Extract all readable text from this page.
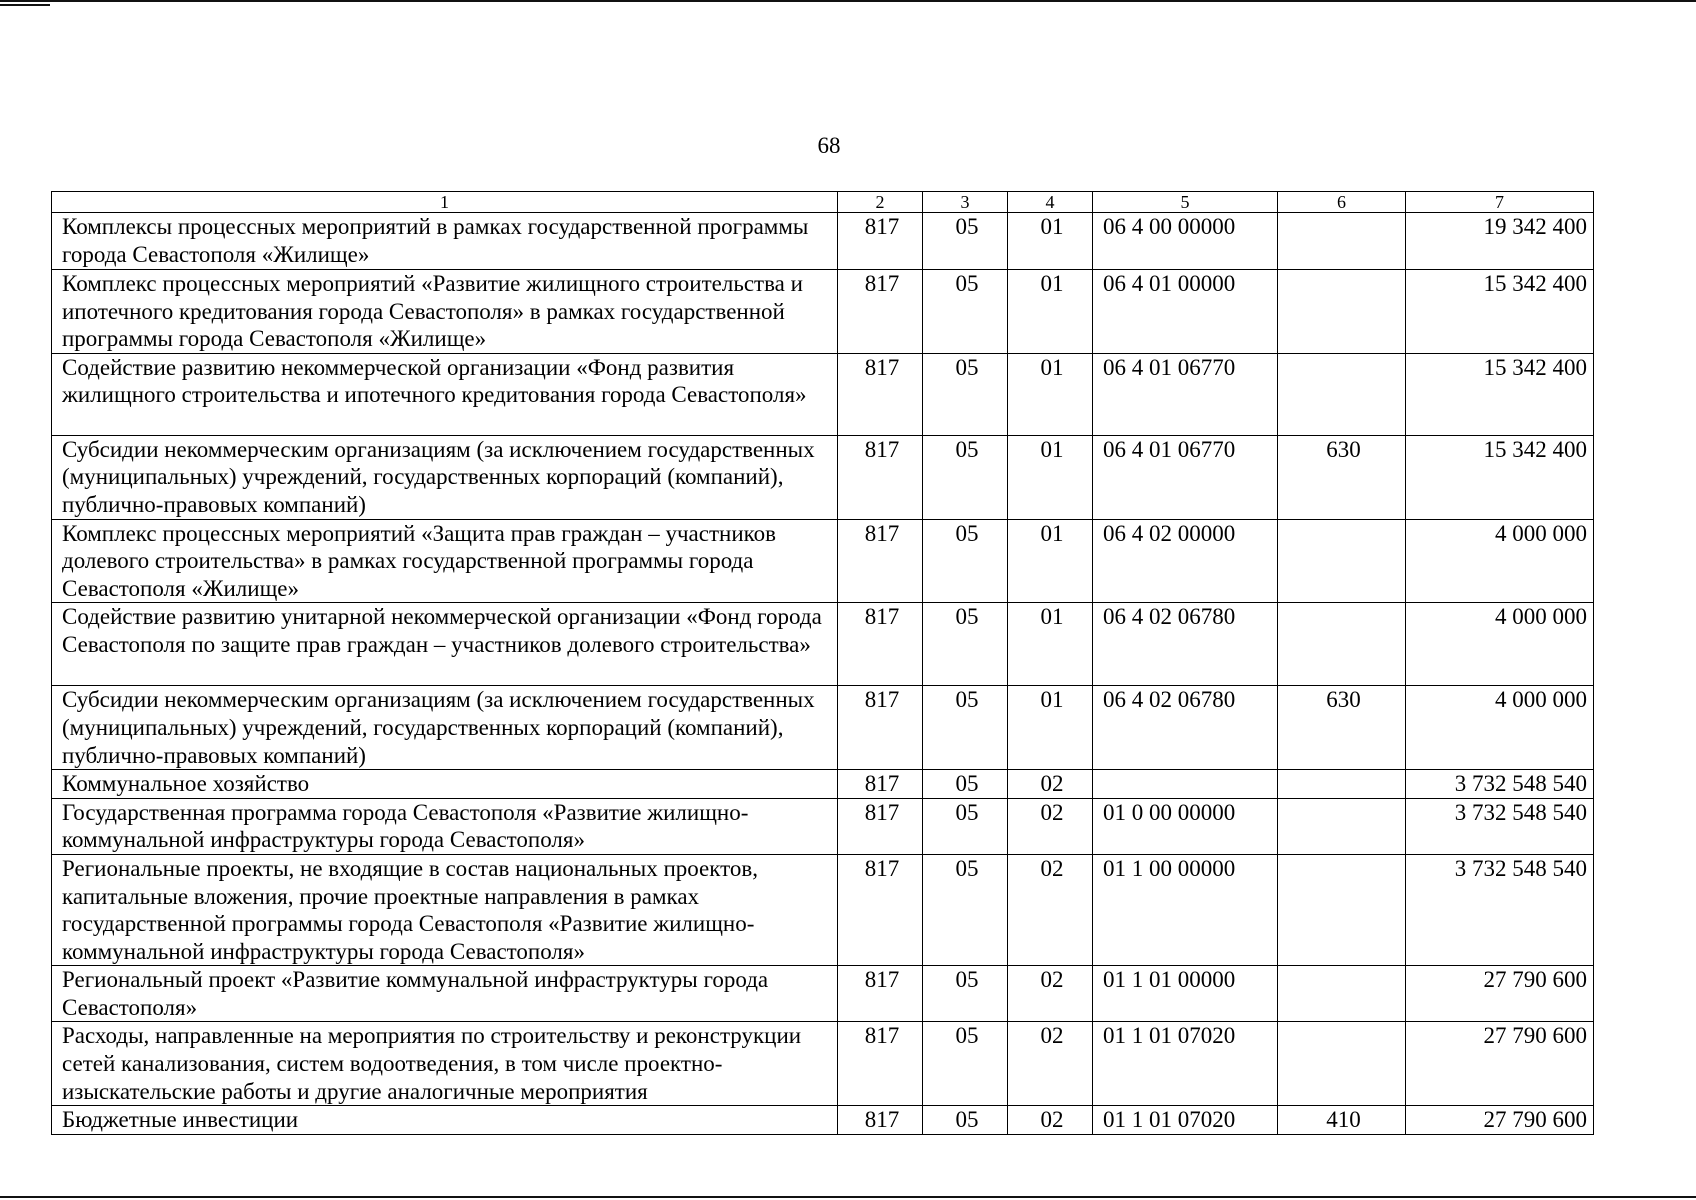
68
1	2	3	4	5	6	7
Комплексы процессных мероприятий в рамках государственной программы города Севастополя «Жилище»	817	05	01	06 4 00 00000		19 342 400
Комплекс процессных мероприятий «Развитие жилищного строительства и ипотечного кредитования города Севастополя» в рамках государственной программы города Севастополя «Жилище»	817	05	01	06 4 01 00000		15 342 400
Содействие развитию некоммерческой организации «Фонд развития жилищного строительства и ипотечного кредитования города Севастополя»	817	05	01	06 4 01 06770		15 342 400
Субсидии некоммерческим организациям (за исключением государственных (муниципальных) учреждений, государственных корпораций (компаний), публично-правовых компаний)	817	05	01	06 4 01 06770	630	15 342 400
Комплекс процессных мероприятий «Защита прав граждан – участников долевого строительства» в рамках государственной программы города Севастополя «Жилище»	817	05	01	06 4 02 00000		4 000 000
Содействие развитию унитарной некоммерческой организации «Фонд города Севастополя по защите прав граждан – участников долевого строительства»	817	05	01	06 4 02 06780		4 000 000
Субсидии некоммерческим организациям (за исключением государственных (муниципальных) учреждений, государственных корпораций (компаний), публично-правовых компаний)	817	05	01	06 4 02 06780	630	4 000 000
Коммунальное хозяйство	817	05	02			3 732 548 540
Государственная программа города Севастополя «Развитие жилищно-коммунальной инфраструктуры города Севастополя»	817	05	02	01 0 00 00000		3 732 548 540
Региональные проекты, не входящие в состав национальных проектов, капитальные вложения, прочие проектные направления в рамках государственной программы города Севастополя «Развитие жилищно-коммунальной инфраструктуры города Севастополя»	817	05	02	01 1 00 00000		3 732 548 540
Региональный проект «Развитие коммунальной инфраструктуры города Севастополя»	817	05	02	01 1 01 00000		27 790 600
Расходы, направленные на мероприятия по строительству и реконструкции сетей канализования, систем водоотведения, в том числе проектно-изыскательские работы и другие аналогичные мероприятия	817	05	02	01 1 01 07020		27 790 600
Бюджетные инвестиции	817	05	02	01 1 01 07020	410	27 790 600
